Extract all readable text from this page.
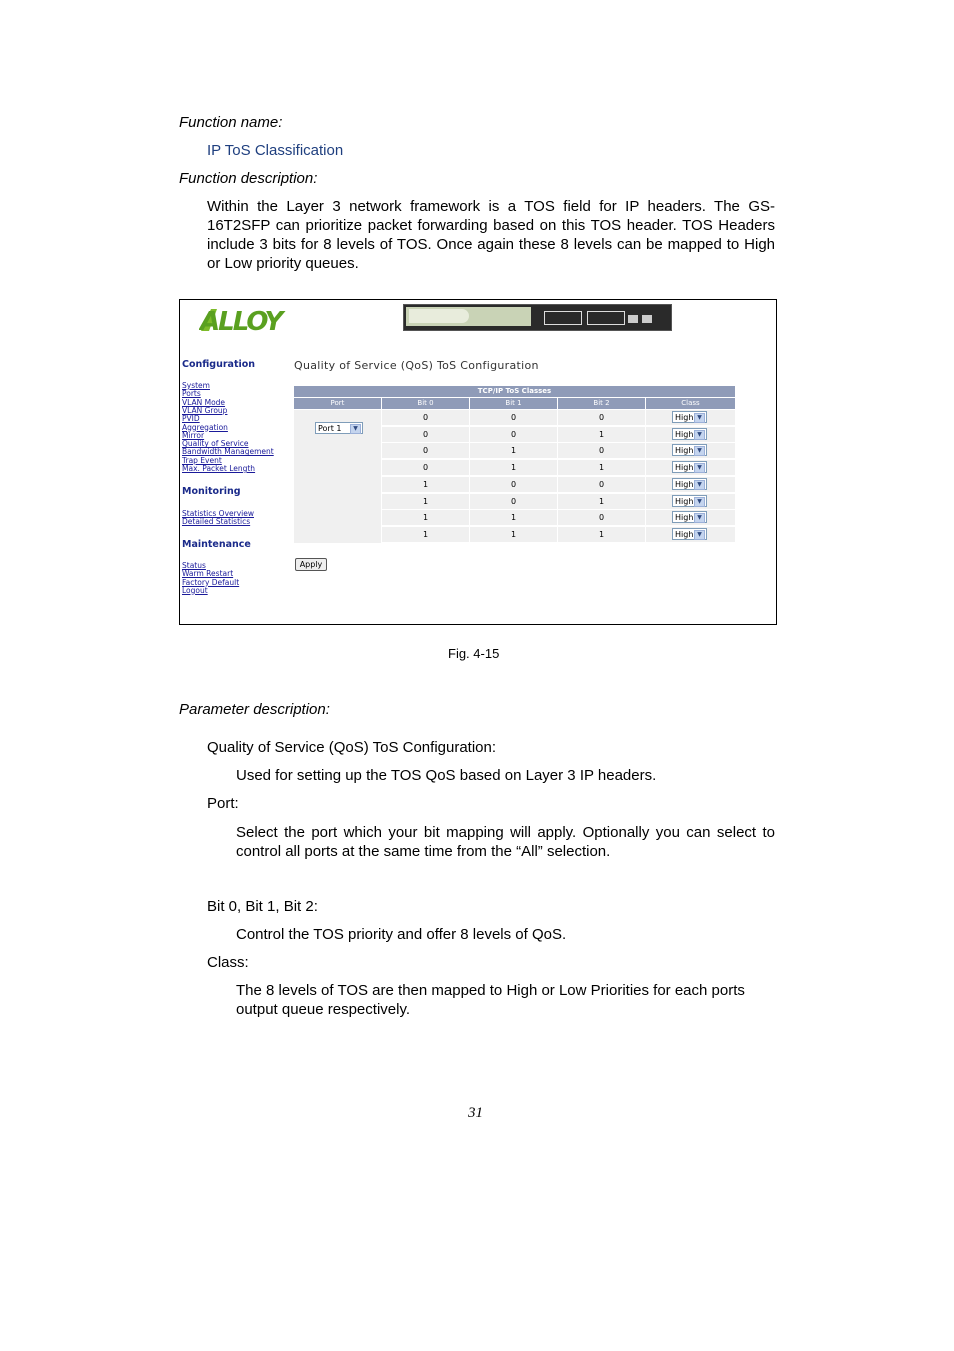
Function name:
IP ToS Classification
Function description:
Within the Layer 3 network framework is a TOS field for IP headers. The GS-16T2SFP can prioritize packet forwarding based on this TOS header. TOS Headers include 3 bits for 8 levels of TOS. Once again these 8 levels can be mapped to High or Low priority queues.
ALLOY
Configuration
System
Ports
VLAN Mode
VLAN Group
PVID
Aggregation
Mirror
Quality of Service
Bandwidth Management
Trap Event
Max. Packet Length
Monitoring
Statistics Overview
Detailed Statistics
Maintenance
Status
Warm Restart
Factory Default
Logout
Quality of Service (QoS) ToS Configuration
TCP/IP ToS Classes
Port	Bit 0	Bit 1	Bit 2	Class
Port 1	▼
0	0	0	High ▼
0	0	1	High ▼
0	1	0	High ▼
0	1	1	High ▼
1	0	0	High ▼
1	0	1	High ▼
1	1	0	High ▼
1	1	1	High ▼
Apply
Fig. 4-15
Parameter description:
Quality of Service (QoS) ToS Configuration:
Used for setting up the TOS QoS based on Layer 3 IP headers.
Port:
Select the port which your bit mapping will apply. Optionally you can select to control all ports at the same time from the “All” selection.
Bit 0, Bit 1, Bit 2:
Control the TOS priority and offer 8 levels of QoS.
Class:
The 8 levels of TOS are then mapped to High or Low Priorities for each ports output queue respectively.
31
